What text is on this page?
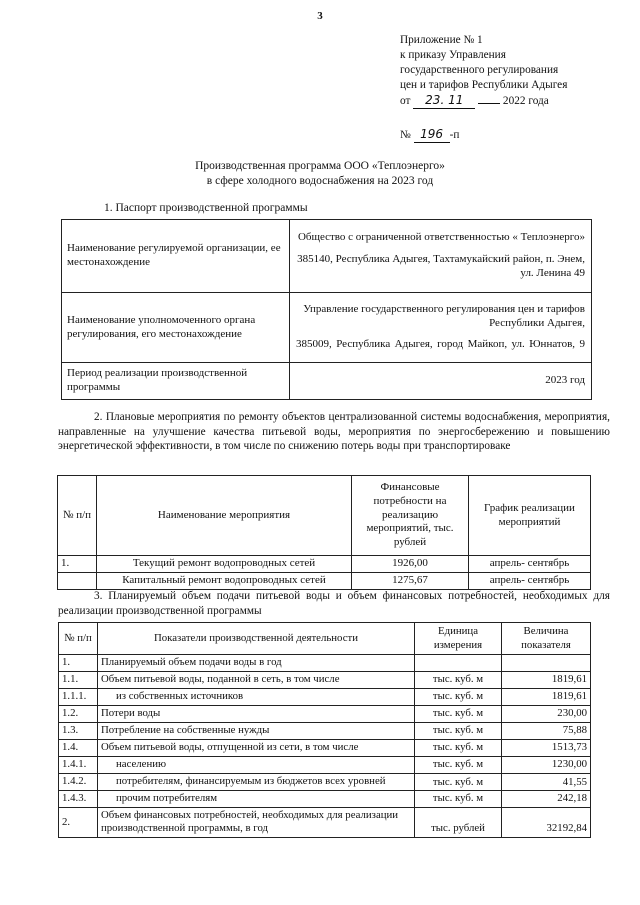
3
Приложение № 1
к приказу Управления
государственного регулирования
цен и тарифов Республики Адыгея
от 23. 11	2022 года
№ 196 -п
Производственная программа ООО «Теплоэнерго»
в сфере холодного водоснабжения на 2023 год
1. Паспорт производственной программы
Наименование регулируемой организации, ее местонахождение	Общество с ограниченной ответственностью « Теплоэнерго»
385140, Республика Адыгея, Тахтамукайский район, п. Энем, ул. Ленина 49

Наименование уполномоченного органа регулирования, его местонахождение	Управление государственного регулирования цен и тарифов Республики Адыгея,
385009, Республика Адыгея, город Майкоп, ул. Юннатов, 9

Период реализации производственной программы	2023 год
2. Плановые мероприятия по ремонту объектов централизованной системы водоснабжения, мероприятия, направленные на улучшение качества питьевой воды, мероприятия по энергосбережению и повышению энергетической эффективности, в том числе по снижению потерь воды при транспортироваке
№ п/п	Наименование мероприятия	Финансовые потребности на реализацию мероприятий, тыс. рублей	График реализации мероприятий
1.	Текущий ремонт водопроводных сетей	1926,00	апрель- сентябрь
	Капитальный ремонт водопроводных сетей	1275,67	апрель- сентябрь
3. Планируемый объем подачи питьевой воды и объем финансовых потребностей, необходимых для реализации производственной программы
№ п/п	Показатели производственной деятельности	Единица измерения	Величина показателя
1.	Планируемый объем подачи воды в год		
1.1.	Объем питьевой воды, поданной в сеть, в том числе	тыс. куб. м	1819,61
1.1.1.	из собственных источников	тыс. куб. м	1819,61
1.2.	Потери воды	тыс. куб. м	230,00
1.3.	Потребление на собственные нужды	тыс. куб. м	75,88
1.4.	Объем питьевой воды, отпущенной из сети, в том числе	тыс. куб. м	1513,73
1.4.1.	населению	тыс. куб. м	1230,00
1.4.2.	потребителям, финансируемым из бюджетов всех уровней	тыс. куб. м	41,55
1.4.3.	прочим потребителям	тыс. куб. м	242,18
2.	Объем финансовых потребностей, необходимых для реализации производственной программы, в год	тыс. рублей	32192,84
